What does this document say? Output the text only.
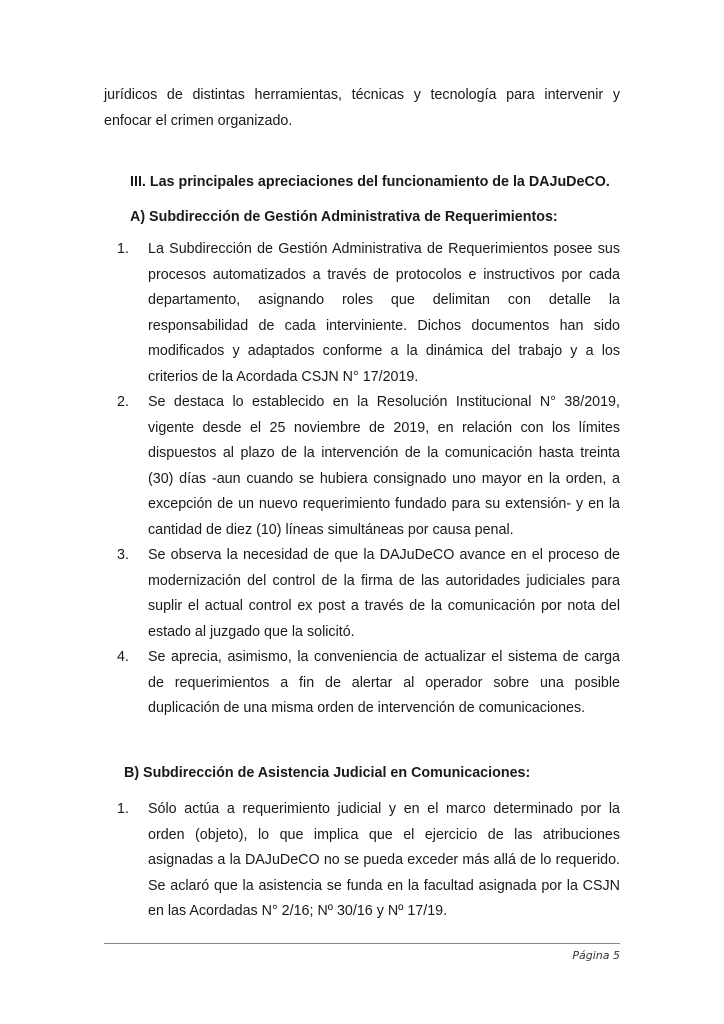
jurídicos de distintas herramientas, técnicas y tecnología para intervenir y enfocar el crimen organizado.

III. Las principales apreciaciones del funcionamiento de la DAJuDeCO.
A) Subdirección de Gestión Administrativa de Requerimientos:
1. La Subdirección de Gestión Administrativa de Requerimientos posee sus procesos automatizados a través de protocolos e instructivos por cada departamento, asignando roles que delimitan con detalle la responsabilidad de cada interviniente. Dichos documentos han sido modificados y adaptados conforme a la dinámica del trabajo y a los criterios de la Acordada CSJN N° 17/2019.
2. Se destaca lo establecido en la Resolución Institucional N° 38/2019, vigente desde el 25 noviembre de 2019, en relación con los límites dispuestos al plazo de la intervención de la comunicación hasta treinta (30) días -aun cuando se hubiera consignado uno mayor en la orden, a excepción de un nuevo requerimiento fundado para su extensión- y en la cantidad de diez (10) líneas simultáneas por causa penal.
3. Se observa la necesidad de que la DAJuDeCO avance en el proceso de modernización del control de la firma de las autoridades judiciales para suplir el actual control ex post a través de la comunicación por nota del estado al juzgado que la solicitó.
4. Se aprecia, asimismo, la conveniencia de actualizar el sistema de carga de requerimientos a fin de alertar al operador sobre una posible duplicación de una misma orden de intervención de comunicaciones.
B) Subdirección de Asistencia Judicial en Comunicaciones:
1. Sólo actúa a requerimiento judicial y en el marco determinado por la orden (objeto), lo que implica que el ejercicio de las atribuciones asignadas a la DAJuDeCO no se pueda exceder más allá de lo requerido. Se aclaró que la asistencia se funda en la facultad asignada por la CSJN en las Acordadas N° 2/16; Nº 30/16 y Nº 17/19.
Página 5
